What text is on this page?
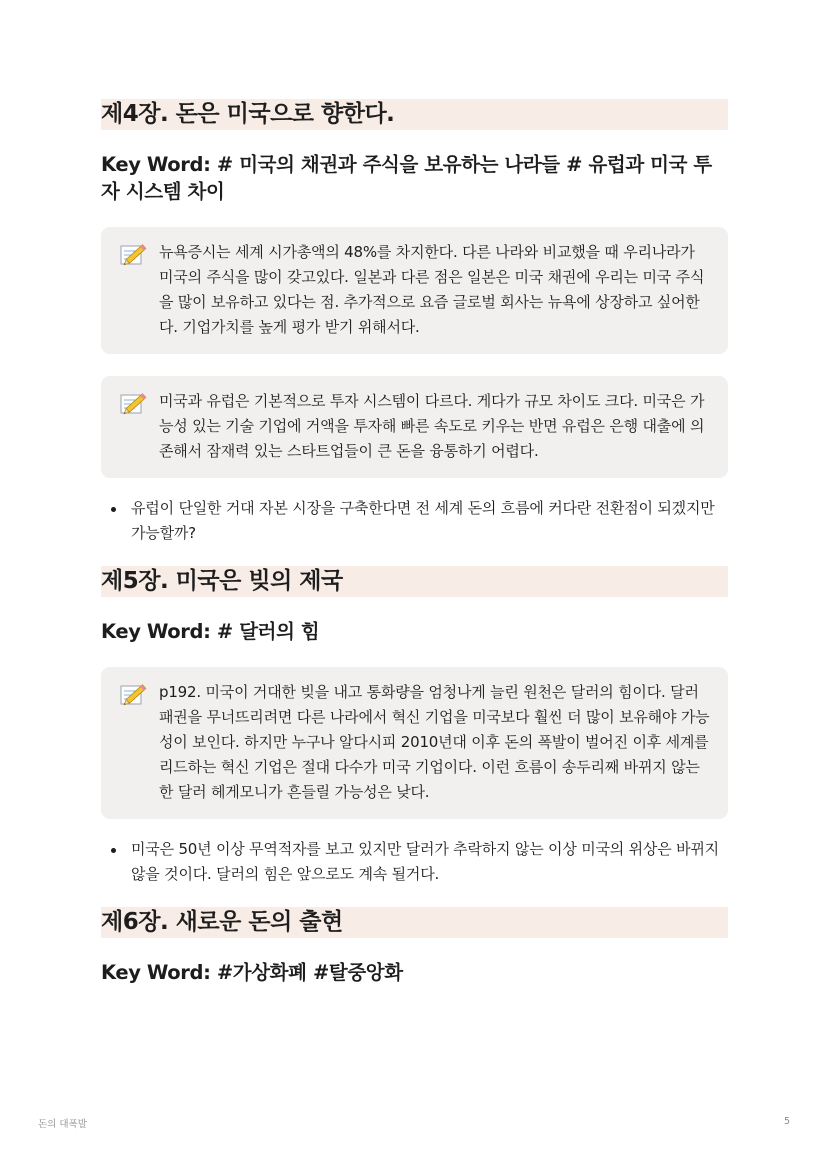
제4장. 돈은 미국으로 향한다.
Key Word: # 미국의 채권과 주식을 보유하는 나라들 # 유럽과 미국 투자 시스템 차이
뉴욕증시는 세계 시가총액의 48%를 차지한다. 다른 나라와 비교했을 때 우리나라가 미국의 주식을 많이 갖고있다. 일본과 다른 점은 일본은 미국 채권에 우리는 미국 주식을 많이 보유하고 있다는 점. 추가적으로 요즘 글로벌 회사는 뉴욕에 상장하고 싶어한다. 기업가치를 높게 평가 받기 위해서다.
미국과 유럽은 기본적으로 투자 시스템이 다르다. 게다가 규모 차이도 크다. 미국은 가능성 있는 기술 기업에 거액을 투자해 빠른 속도로 키우는 반면 유럽은 은행 대출에 의존해서 잠재력 있는 스타트업들이 큰 돈을 융통하기 어렵다.
유럽이 단일한 거대 자본 시장을 구축한다면 전 세계 돈의 흐름에 커다란 전환점이 되겠지만 가능할까?
제5장. 미국은 빚의 제국
Key Word: # 달러의 힘
p192. 미국이 거대한 빚을 내고 통화량을 엄청나게 늘린 원천은 달러의 힘이다. 달러 패권을 무너뜨리려면 다른 나라에서 혁신 기업을 미국보다 훨씬 더 많이 보유해야 가능성이 보인다. 하지만 누구나 알다시피 2010년대 이후 돈의 폭발이 벌어진 이후 세계를 리드하는 혁신 기업은 절대 다수가 미국 기업이다. 이런 흐름이 송두리째 바뀌지 않는 한 달러 헤게모니가 흔들릴 가능성은 낮다.
미국은 50년 이상 무역적자를 보고 있지만 달러가 추락하지 않는 이상 미국의 위상은 바뀌지 않을 것이다. 달러의 힘은 앞으로도 계속 될거다.
제6장. 새로운 돈의 출현
Key Word: #가상화폐 #탈중앙화
돈의 대폭발	5
